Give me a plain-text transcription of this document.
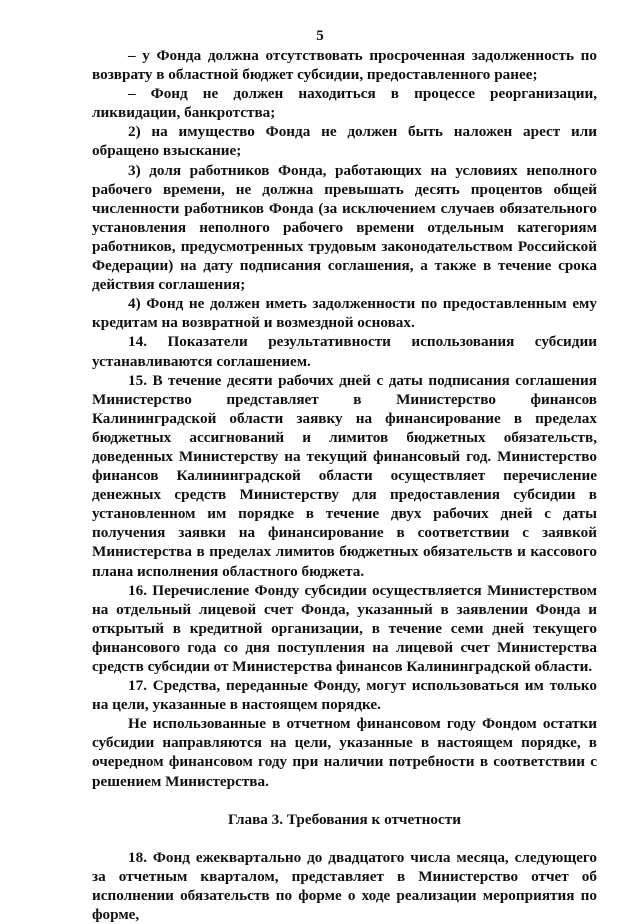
5

– у Фонда должна отсутствовать просроченная задолженность по возврату в областной бюджет субсидии, предоставленного ранее;

– Фонд не должен находиться в процессе реорганизации, ликвидации, банкротства;

2) на имущество Фонда не должен быть наложен арест или обращено взыскание;

3) доля работников Фонда, работающих на условиях неполного рабочего времени, не должна превышать десять процентов общей численности работников Фонда (за исключением случаев обязательного установления неполного рабочего времени отдельным категориям работников, предусмотренных трудовым законодательством Российской Федерации) на дату подписания соглашения, а также в течение срока действия соглашения;

4) Фонд не должен иметь задолженности по предоставленным ему кредитам на возвратной и возмездной основах.

14. Показатели результативности использования субсидии устанавливаются соглашением.

15. В течение десяти рабочих дней с даты подписания соглашения Министерство представляет в Министерство финансов Калининградской области заявку на финансирование в пределах бюджетных ассигнований и лимитов бюджетных обязательств, доведенных Министерству на текущий финансовый год. Министерство финансов Калининградской области осуществляет перечисление денежных средств Министерству для предоставления субсидии в установленном им порядке в течение двух рабочих дней с даты получения заявки на финансирование в соответствии с заявкой Министерства в пределах лимитов бюджетных обязательств и кассового плана исполнения областного бюджета.

16. Перечисление Фонду субсидии осуществляется Министерством на отдельный лицевой счет Фонда, указанный в заявлении Фонда и открытый в кредитной организации, в течение семи дней текущего финансового года со дня поступления на лицевой счет Министерства средств субсидии от Министерства финансов Калининградской области.

17. Средства, переданные Фонду, могут использоваться им только на цели, указанные в настоящем порядке.

Не использованные в отчетном финансовом году Фондом остатки субсидии направляются на цели, указанные в настоящем порядке, в очередном финансовом году при наличии потребности в соответствии с решением Министерства.

Глава 3. Требования к отчетности

18. Фонд ежеквартально до двадцатого числа месяца, следующего за отчетным кварталом, представляет в Министерство отчет об исполнении обязательств по форме о ходе реализации мероприятия по форме,
